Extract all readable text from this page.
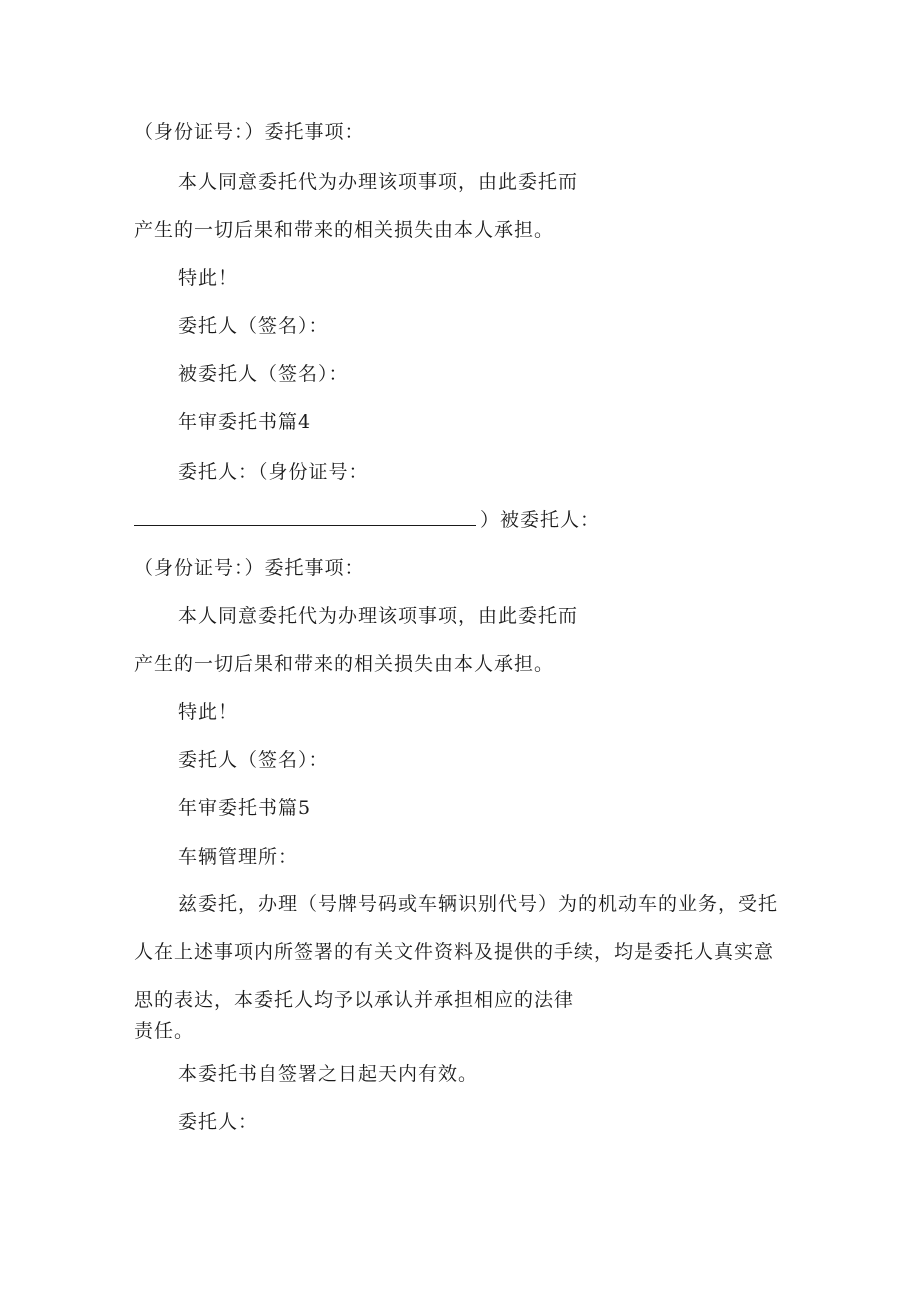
（身份证号：）委托事项：
本人同意委托代为办理该项事项，由此委托而
产生的一切后果和带来的相关损失由本人承担。
特此！
委托人（签名）：
被委托人（签名）：
年审委托书篇4
委托人：（身份证号：
）被委托人：
（身份证号：）委托事项：
本人同意委托代为办理该项事项，由此委托而
产生的一切后果和带来的相关损失由本人承担。
特此！
委托人（签名）：
年审委托书篇5
车辆管理所：
兹委托，办理（号牌号码或车辆识别代号）为的机动车的业务，受托
人在上述事项内所签署的有关文件资料及提供的手续，均是委托人真实意
思的表达，本委托人均予以承认并承担相应的法律
责任。
本委托书自签署之日起天内有效。
委托人：
